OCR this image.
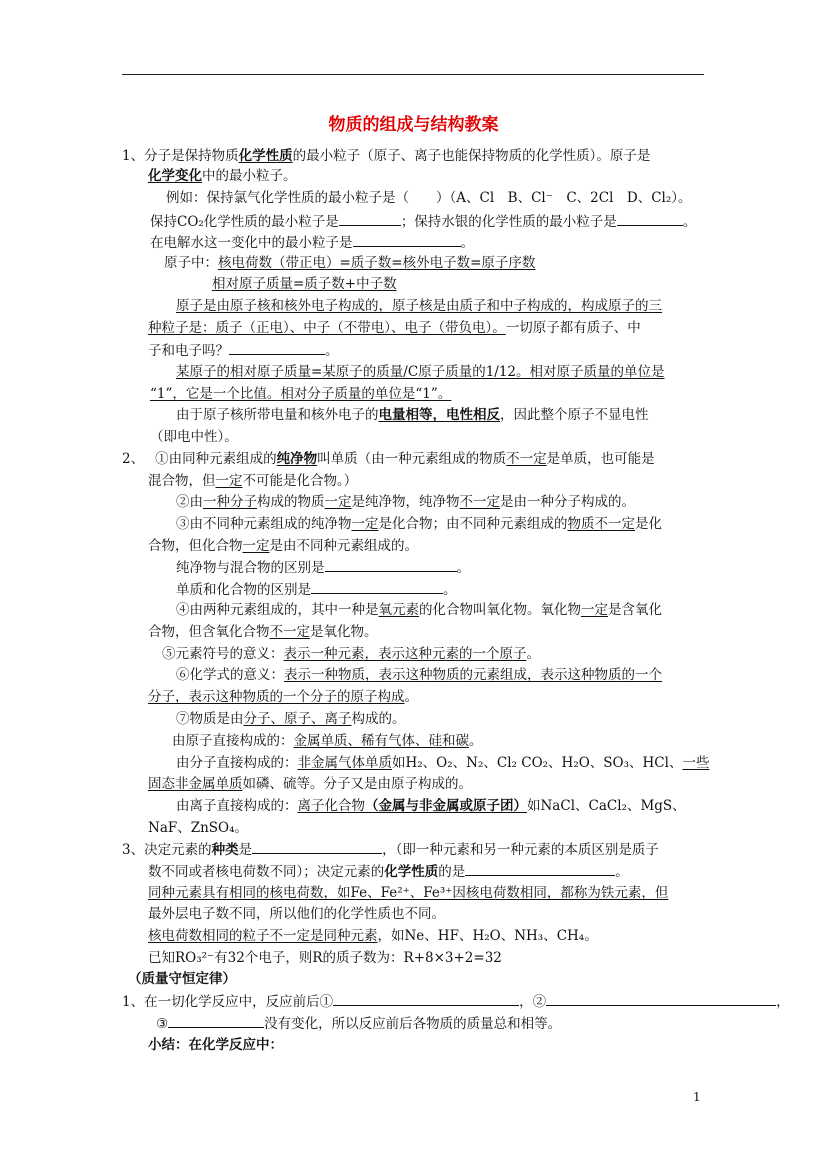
物质的组成与结构教案
1、分子是保持物质化学性质的最小粒子（原子、离子也能保持物质的化学性质）。原子是
化学变化中的最小粒子。
例如：保持氯气化学性质的最小粒子是（　　）（A、Cl　B、Cl⁻　C、2Cl　D、Cl₂）。
保持CO₂化学性质的最小粒子是	；保持水银的化学性质的最小粒子是	。
在电解水这一变化中的最小粒子是	。
原子中：核电荷数（带正电）=质子数=核外电子数=原子序数
相对原子质量=质子数+中子数
原子是由原子核和核外电子构成的，原子核是由质子和中子构成的，构成原子的三
种粒子是：质子（正电）、中子（不带电）、电子（带负电）。一切原子都有质子、中
子和电子吗？	。
某原子的相对原子质量=某原子的质量/C原子质量的1/12。相对原子质量的单位是
“1”，它是一个比值。相对分子质量的单位是“1”。
由于原子核所带电量和核外电子的电量相等，电性相反，因此整个原子不显电性
（即电中性）。
2、　 ①由同种元素组成的纯净物叫单质（由一种元素组成的物质不一定是单质，也可能是
混合物，但一定不可能是化合物。）
②由一种分子构成的物质一定是纯净物，纯净物不一定是由一种分子构成的。
③由不同种元素组成的纯净物一定是化合物；由不同种元素组成的物质不一定是化
合物，但化合物一定是由不同种元素组成的。
纯净物与混合物的区别是	。
单质和化合物的区别是	。
④由两种元素组成的，其中一种是氧元素的化合物叫氧化物。氧化物一定是含氧化
合物，但含氧化合物不一定是氧化物。
⑤元素符号的意义：表示一种元素，表示这种元素的一个原子。
⑥化学式的意义：表示一种物质，表示这种物质的元素组成，表示这种物质的一个
分子，表示这种物质的一个分子的原子构成。
⑦物质是由分子、原子、离子构成的。
由原子直接构成的：金属单质、稀有气体、硅和碳。
由分子直接构成的：非金属气体单质如H₂、O₂、N₂、Cl₂ CO₂、H₂O、SO₃、HCl、一些
固态非金属单质如磷、硫等。分子又是由原子构成的。
由离子直接构成的：离子化合物（金属与非金属或原子团）如NaCl、CaCl₂、MgS、
NaF、ZnSO₄。
3、决定元素的种类是	，（即一种元素和另一种元素的本质区别是质子
数不同或者核电荷数不同）；决定元素的化学性质的是	。
同种元素具有相同的核电荷数，如Fe、Fe²⁺、Fe³⁺因核电荷数相同，都称为铁元素，但
最外层电子数不同，所以他们的化学性质也不同。
核电荷数相同的粒子不一定是同种元素，如Ne、HF、H₂O、NH₃、CH₄。
已知RO₃²⁻有32个电子，则R的质子数为：R+8×3+2=32
（质量守恒定律）
1、在一切化学反应中，反应前后①	，②	，
③	没有变化，所以反应前后各物质的质量总和相等。
小结：在化学反应中：
1
